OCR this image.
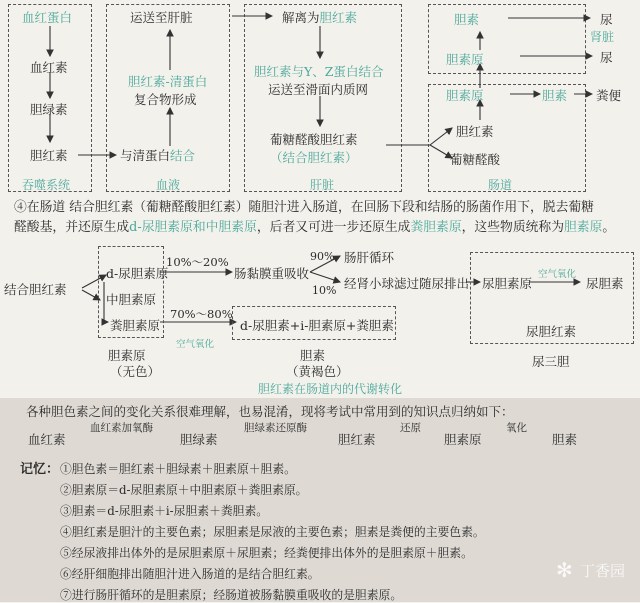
血红蛋白
血红素
胆绿素
胆红素
吞噬系统
运送至肝脏
胆红素-清蛋白
复合物形成
与清蛋白结合
血液
解离为胆红素
胆红素与Y、Z蛋白结合
运送至滑面内质网
葡糖醛酸胆红素
（结合胆红素）
肝脏
胆红素
葡糖醛酸
肠道
胆素
胆素原
胆素原	胆素
肾脏
尿
尿
粪便
④在肠道 结合胆红素（葡糖醛酸胆红素）随胆汁进入肠道，在回肠下段和结肠的肠菌作用下，脱去葡糖
醛酸基，并还原生成d-尿胆素原和中胆素原，后者又可进一步还原生成粪胆素原，这些物质统称为胆素原。
结合胆红素
d-尿胆素原
中胆素原
粪胆素原
10%～20%
70%～80%
肠黏膜重吸收
90%
10%
肠肝循环
经肾小球滤过随尿排出
空气氧化
空气氧化
尿胆素原	尿胆素
尿胆红素
d-尿胆素+i-胆素原+粪胆素
胆素原
（无色）
胆素
（黄褐色）
尿三胆
胆红素在肠道内的代谢转化
各种胆色素之间的变化关系很难理解，也易混淆，现将考试中常用到的知识点归纳如下：
血红素	胆绿素	胆红素	胆素原	胆素
血红素加氧酶	胆绿素还原酶	还原	氧化
记忆： ①胆色素＝胆红素＋胆绿素＋胆素原＋胆素。
②胆素原＝d-尿胆素原＋中胆素原＋粪胆素原。
③胆素＝d-尿胆素＋i-尿胆素＋粪胆素。
④胆红素是胆汁的主要色素；尿胆素是尿液的主要色素；胆素是粪便的主要色素。
⑤经尿液排出体外的是尿胆素原＋尿胆素；经粪便排出体外的是胆素原＋胆素。
⑥经肝细胞排出随胆汁进入肠道的是结合胆红素。
⑦进行肠肝循环的是胆素原；经肠道被肠黏膜重吸收的是胆素原。
✻ 丁香园
